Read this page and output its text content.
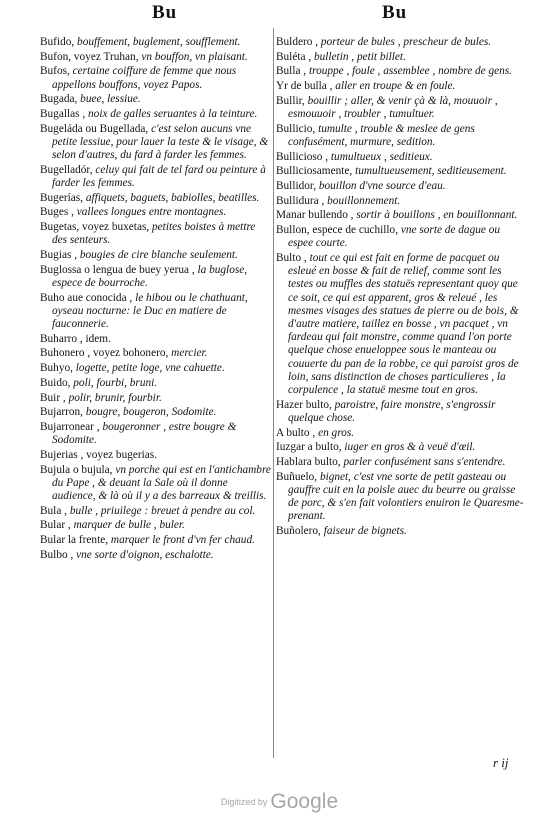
Bu	Bu
Bufido, bouffement, buglement, soufflement.
Bufon, voyez Truhan, vn bouffon, vn plaisant.
Bufos, certaine coiffure de femme que nous appellons bouffons, voyez Papos.
Bugada, buee, lessiue.
Bugallas , noix de galles seruantes à la teinture.
Bugeláda ou Bugellada, c'est selon aucuns vne petite lessiue, pour lauer la teste & le visage, & selon d'autres, du fard à farder les femmes.
Bugelladór, celuy qui fait de tel fard ou peinture à farder les femmes.
Bugerías, affiquets, baguets, babiolles, beatilles.
Buges , vallees longues entre montagnes.
Bugetas, voyez buxetas, petites boistes à mettre des senteurs.
Bugias , bougies de cire blanche seulement.
Buglossa o lengua de buey yerua , la buglose, espece de bourroche.
Buho aue conocida , le hibou ou le chathuant, oyseau nocturne: le Duc en matiere de fauconnerie.
Buharro , idem.
Buhonero , voyez bohonero, mercier.
Buhyo, logette, petite loge, vne cahuette.
Buido, poli, fourbi, bruni.
Buir , polir, brunir, fourbir.
Bujarron, bougre, bougeron, Sodomite.
Bujarronear , bougeronner , estre bougre & Sodomite.
Bujerias , voyez bugerias.
Bujula o bujula, vn porche qui est en l'antichambre du Pape , & deuant la Sale où il donne audience, & là où il y a des barreaux & treillis.
Bula , bulle , priuilege : breuet à pendre au col.
Bular , marquer de bulle , buler.
Bular la frente, marquer le front d'vn fer chaud.
Bulbo , vne sorte d'oignon, eschalotte.
Buldero , porteur de bules , prescheur de bules.
Buléta , bulletin , petit billet.
Bulla , trouppe , foule , assemblee , nombre de gens.
Yr de bulla , aller en troupe & en foule.
Bullir, bouillir ; aller, & venir çà & là, mouuoir , esmouuoir , troubler , tumultuer.
Bullicio, tumulte , trouble & meslee de gens confusément, murmure, sedition.
Bullicioso , tumultueux , seditieux.
Bulliciosamente, tumultueusement, seditieusement.
Bullidor, bouillon d'vne source d'eau.
Bullidura , bouillonnement.
Manar bullendo , sortir à bouillons , en bouillonnant.
Bullon, espece de cuchillo, vne sorte de dague ou espee courte.
Bulto , tout ce qui est fait en forme de pacquet ou esleué en bosse & fait de relief, comme sont les testes ou muffles des statuës representant quoy que ce soit, ce qui est apparent, gros & releué , les mesmes visages des statues de pierre ou de bois, & d'autre matiere, taillez en bosse , vn pacquet , vn fardeau qui fait monstre, comme quand l'on porte quelque chose enueloppee sous le manteau ou couuerte du pan de la robbe, ce qui paroist gros de loin, sans distinction de choses particulieres , la corpulence , la statuë mesme tout en gros.
Hazer bulto, paroistre, faire monstre, s'engrossir quelque chose.
A bulto , en gros.
Iuzgar a bulto, iuger en gros & à veuë d'œil.
Hablara bulto, parler confusément sans s'entendre.
Buñuelo, bignet, c'est vne sorte de petit gasteau ou gauffre cuit en la poisle auec du beurre ou graisse de porc, & s'en fait volontiers enuiron le Quaresme-prenant.
Buñolero, faiseur de bignets.
r ij
Digitized by Google
